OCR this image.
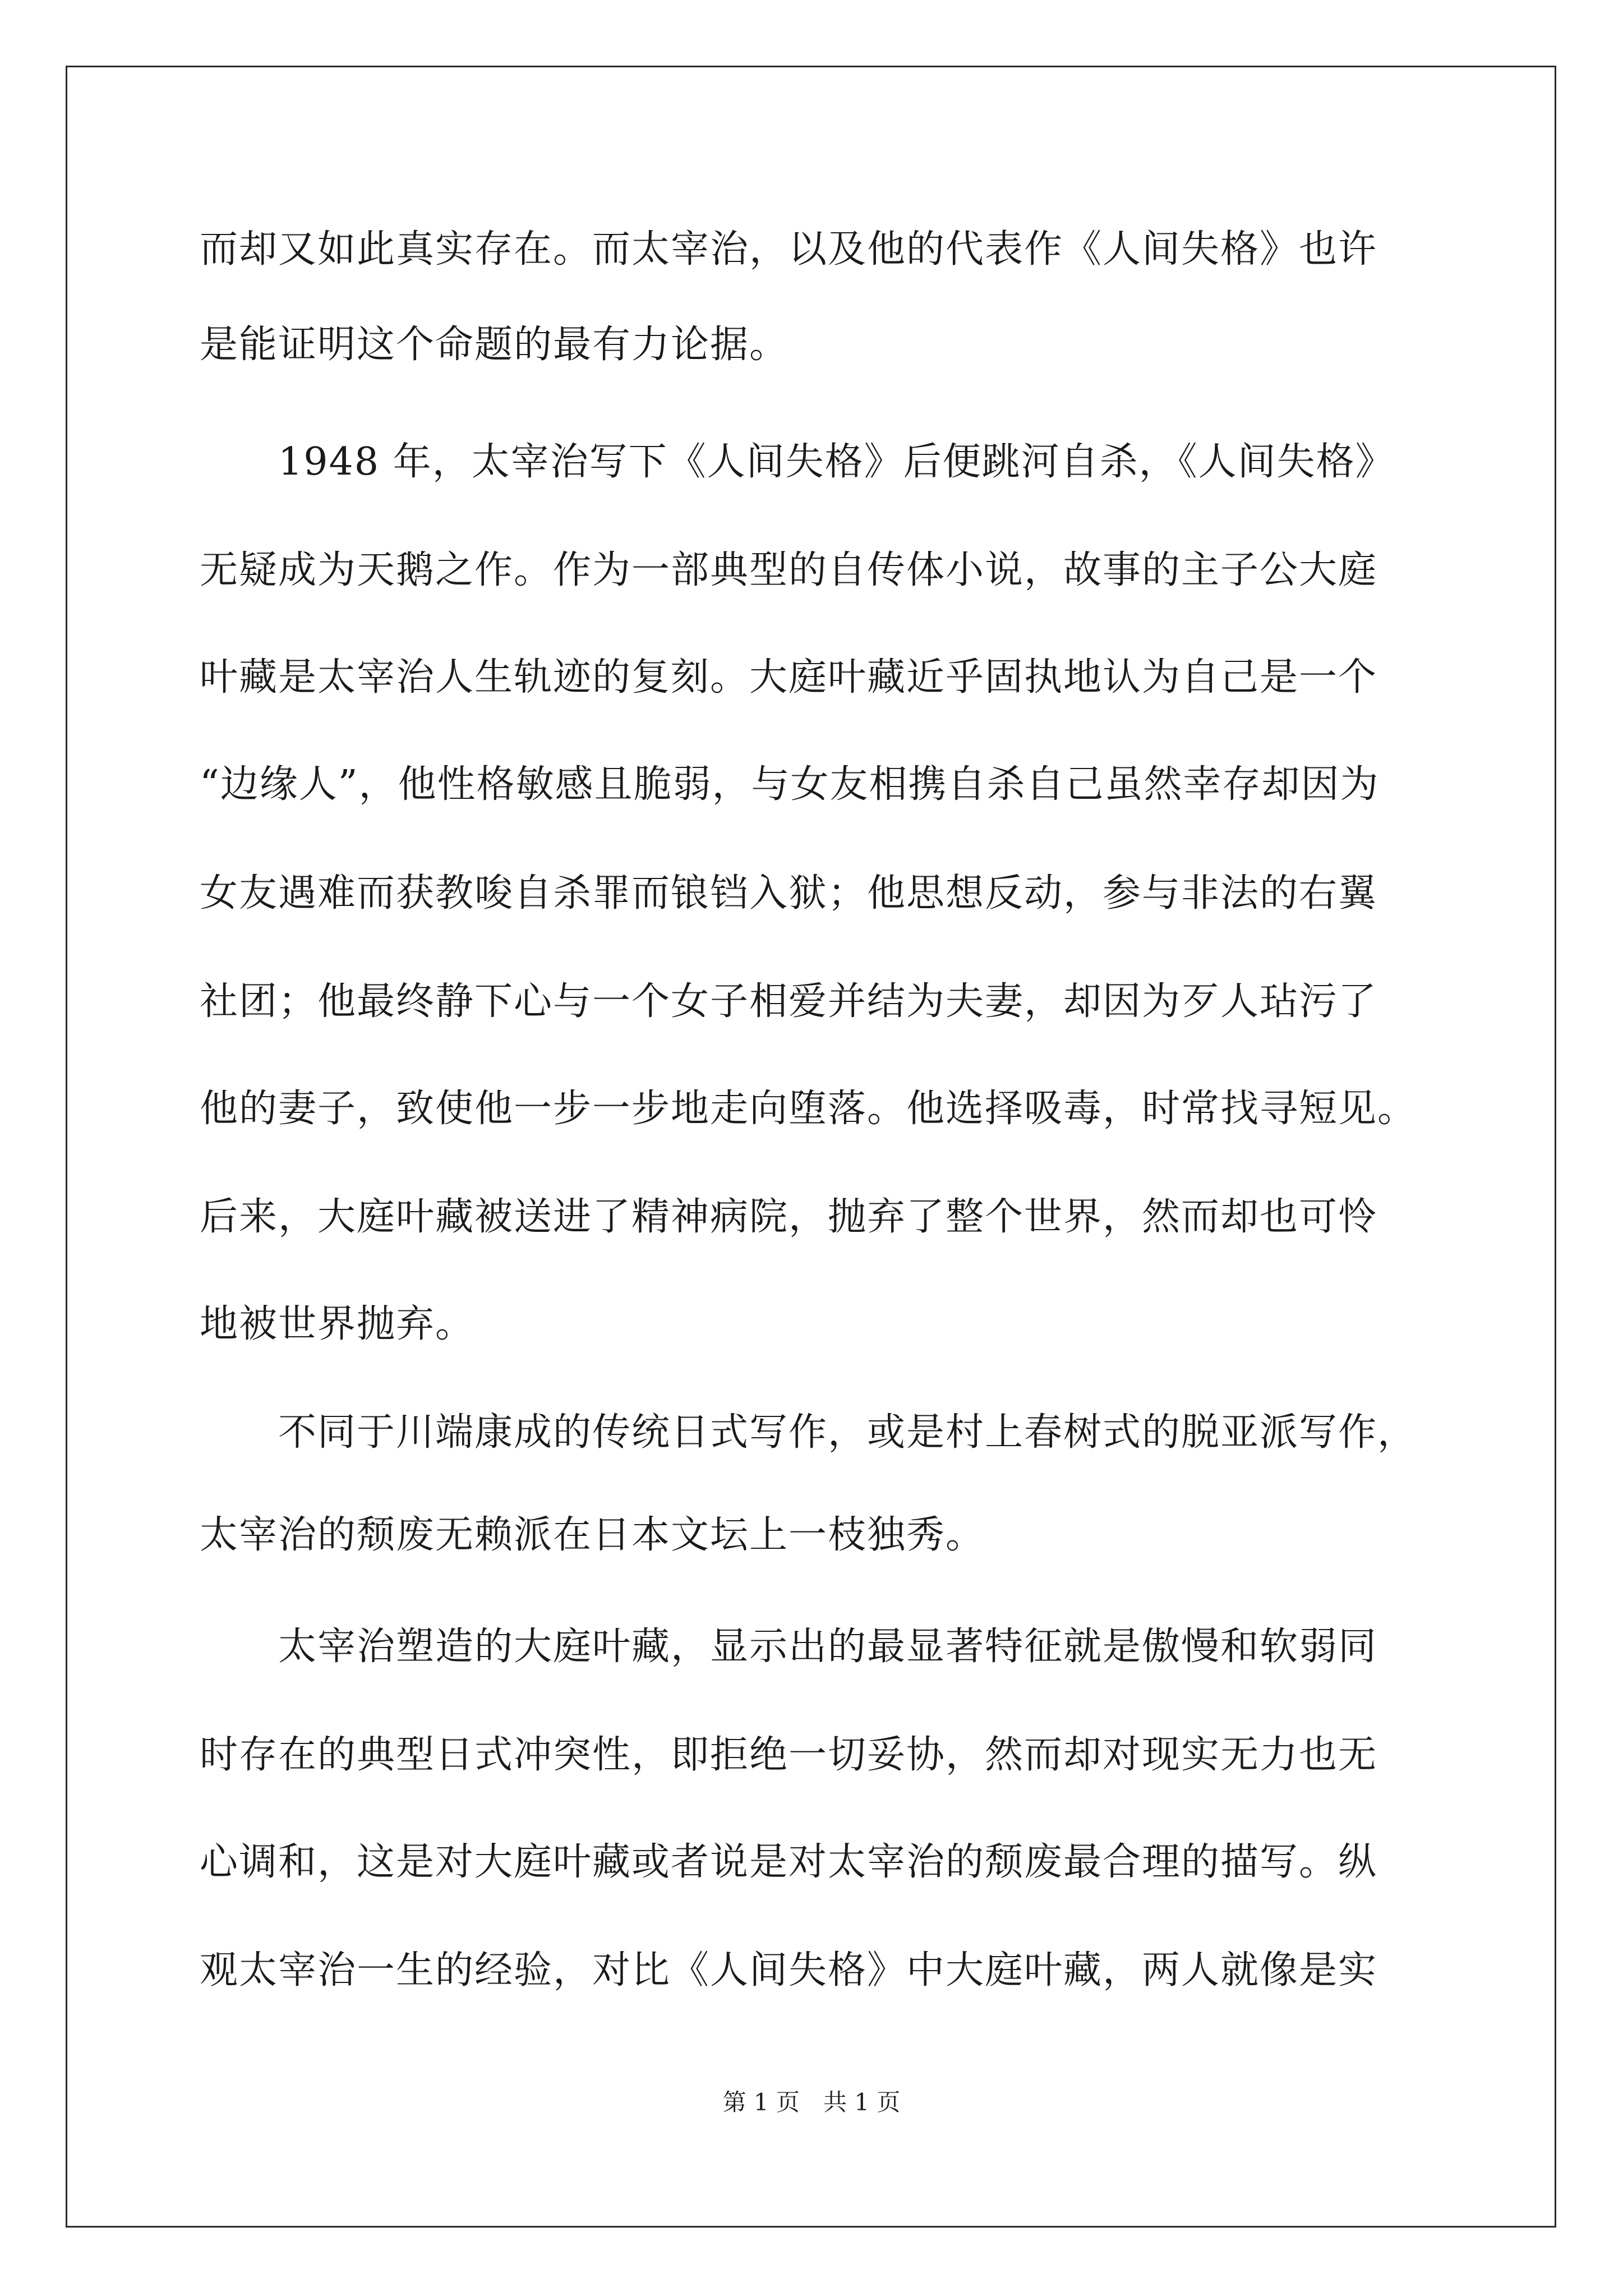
而却又如此真实存在。而太宰治，以及他的代表作《人间失格》也许
是能证明这个命题的最有力论据。
　　1948 年，太宰治写下《人间失格》后便跳河自杀，《人间失格》
无疑成为天鹅之作。作为一部典型的自传体小说，故事的主子公大庭
叶藏是太宰治人生轨迹的复刻。大庭叶藏近乎固执地认为自己是一个
“边缘人”，他性格敏感且脆弱，与女友相携自杀自己虽然幸存却因为
女友遇难而获教唆自杀罪而锒铛入狱；他思想反动，参与非法的右翼
社团；他最终静下心与一个女子相爱并结为夫妻，却因为歹人玷污了
他的妻子，致使他一步一步地走向堕落。他选择吸毒，时常找寻短见。
后来，大庭叶藏被送进了精神病院，抛弃了整个世界，然而却也可怜
地被世界抛弃。
　　不同于川端康成的传统日式写作，或是村上春树式的脱亚派写作，
太宰治的颓废无赖派在日本文坛上一枝独秀。
　　太宰治塑造的大庭叶藏，显示出的最显著特征就是傲慢和软弱同
时存在的典型日式冲突性，即拒绝一切妥协，然而却对现实无力也无
心调和，这是对大庭叶藏或者说是对太宰治的颓废最合理的描写。纵
观太宰治一生的经验，对比《人间失格》中大庭叶藏，两人就像是实
第 1 页　共 1 页
